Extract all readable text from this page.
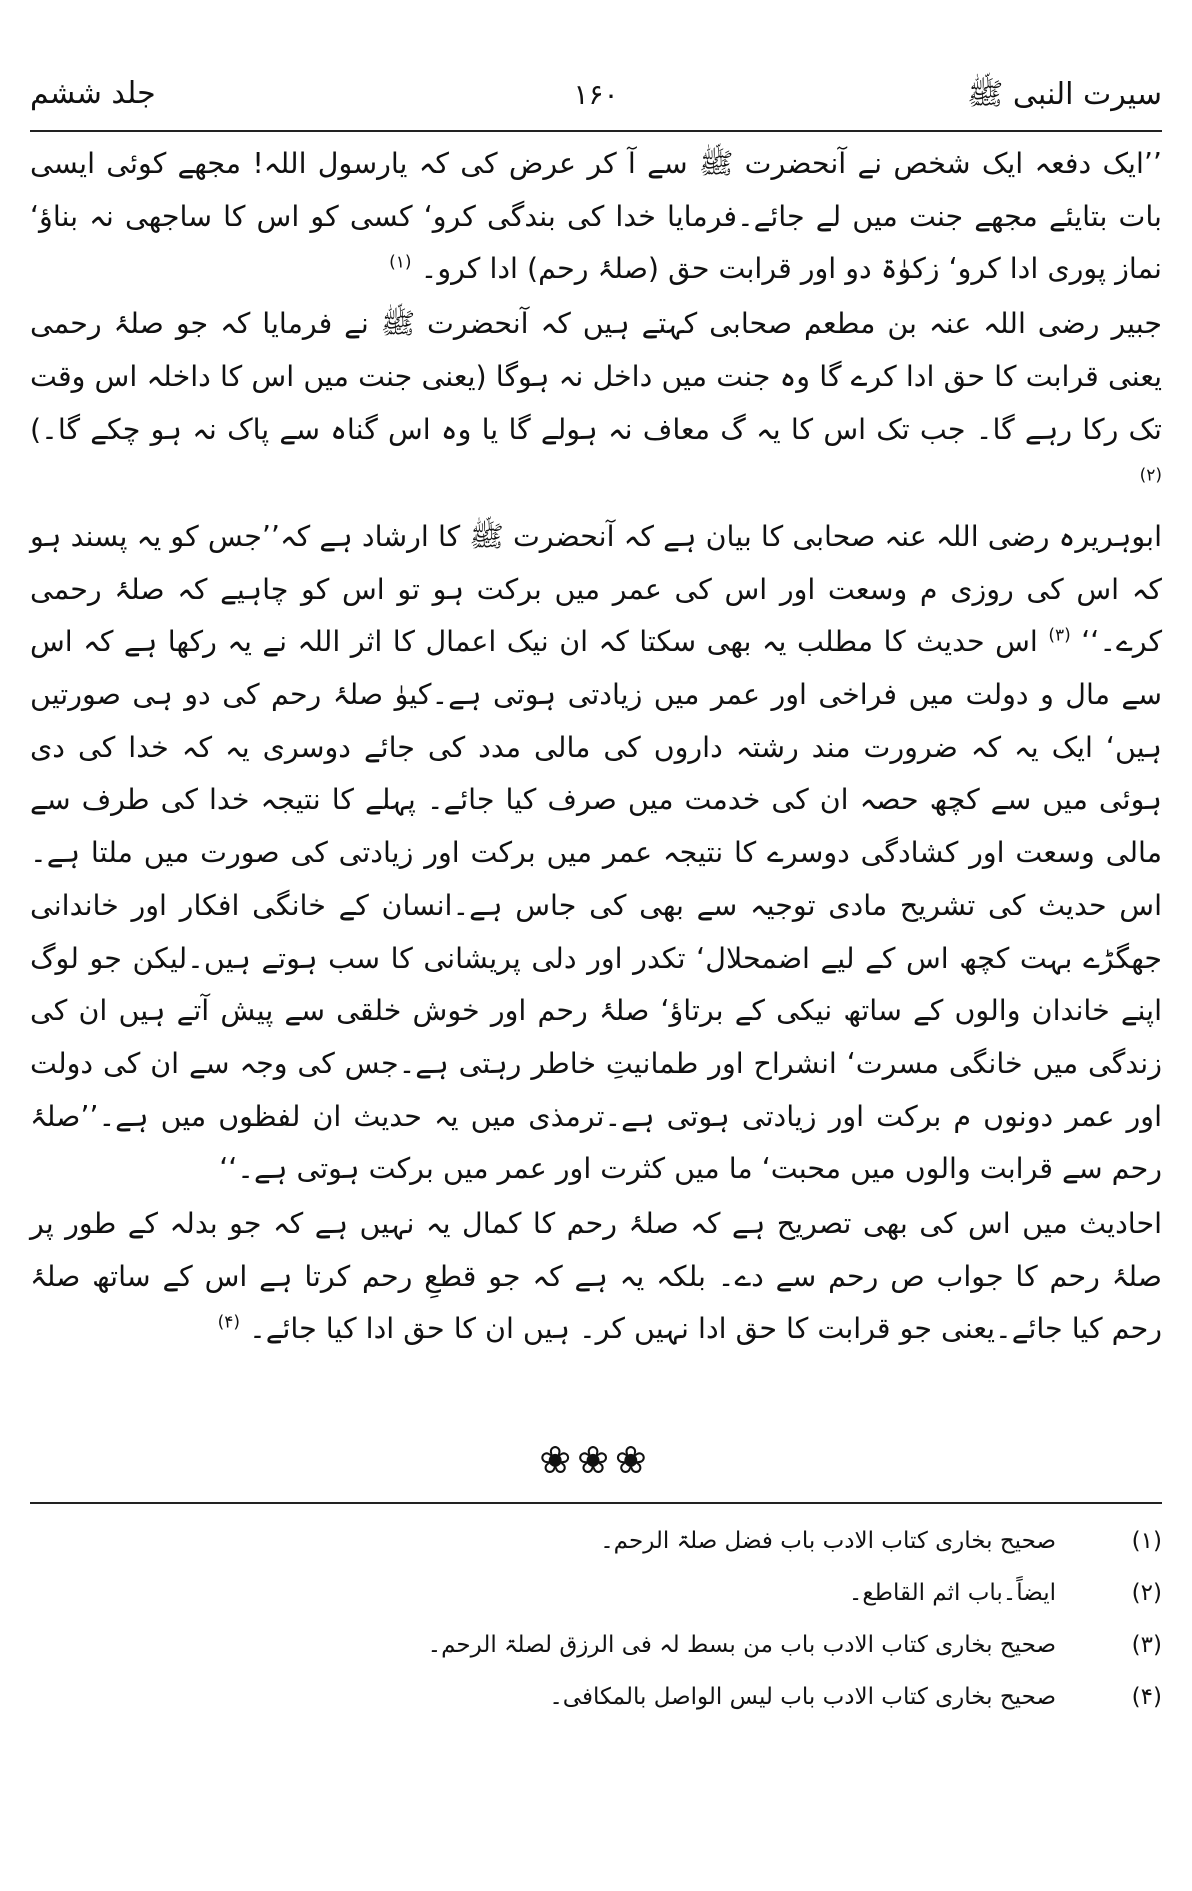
سیرت النبی ﷺ
۱۶۰
جلد ششم

’’ایک دفعہ ایک شخص نے آنحضرت ﷺ سے آ کر عرض کی کہ یارسول اللہ! مجھے کوئی ایسی بات بتایئے مجھے جنت میں لے جائے۔فرمایا خدا کی بندگی کرو‘ کسی کو اس کا ساجھی نہ بناؤ‘ نماز پوری ادا کرو‘ زکوٰۃ دو اور قرابت حق (صلۂ رحم) ادا کرو۔ $^{(۱)}$

جبیر رضی اللہ عنہ بن مطعم صحابی کہتے ہیں کہ آنحضرت ﷺ نے فرمایا کہ جو صلۂ رحمی یعنی قرابت کا حق ادا کرے گا وہ جنت میں داخل نہ ہوگا (یعنی جنت میں اس کا داخلہ اس وقت تک رکا رہے گا۔ جب تک اس کا یہ گ معاف نہ ہولے گا یا وہ اس گناہ سے پاک نہ ہو چکے گا۔) $^{(۲)}$

ابوہریرہ رضی اللہ عنہ صحابی کا بیان ہے کہ آنحضرت ﷺ کا ارشاد ہے کہ’’جس کو یہ پسند ہو کہ اس کی روزی م وسعت اور اس کی عمر میں برکت ہو تو اس کو چاہیے کہ صلۂ رحمی کرے۔‘‘ $^{(۳)}$ اس حدیث کا مطلب یہ بھی سکتا کہ ان نیک اعمال کا اثر اللہ نے یہ رکھا ہے کہ اس سے مال و دولت میں فراخی اور عمر میں زیادتی ہوتی ہے۔کیوٰ صلۂ رحم کی دو ہی صورتیں ہیں‘ ایک یہ کہ ضرورت مند رشتہ داروں کی مالی مدد کی جائے دوسری یہ کہ خدا کی دی ہوئی میں سے کچھ حصہ ان کی خدمت میں صرف کیا جائے۔ پہلے کا نتیجہ خدا کی طرف سے مالی وسعت اور کشادگی دوسرے کا نتیجہ عمر میں برکت اور زیادتی کی صورت میں ملتا ہے۔اس حدیث کی تشریح مادی توجیہ سے بھی کی جاس ہے۔انسان کے خانگی افکار اور خاندانی جھگڑے بہت کچھ اس کے لیے اضمحلال‘ تکدر اور دلی پریشانی کا سب ہوتے ہیں۔لیکن جو لوگ اپنے خاندان والوں کے ساتھ نیکی کے برتاؤ‘ صلۂ رحم اور خوش خلقی سے پیش آتے ہیں ان کی زندگی میں خانگی مسرت‘ انشراح اور طمانیتِ خاطر رہتی ہے۔جس کی وجہ سے ان کی دولت اور عمر دونوں م برکت اور زیادتی ہوتی ہے۔ترمذی میں یہ حدیث ان لفظوں میں ہے۔’’صلۂ رحم سے قرابت والوں میں محبت‘ ما میں کثرت اور عمر میں برکت ہوتی ہے۔‘‘

احادیث میں اس کی بھی تصریح ہے کہ صلۂ رحم کا کمال یہ نہیں ہے کہ جو بدلہ کے طور پر صلۂ رحم کا جواب ص رحم سے دے۔ بلکہ یہ ہے کہ جو قطعِ رحم کرتا ہے اس کے ساتھ صلۂ رحم کیا جائے۔یعنی جو قرابت کا حق ادا نہیں کر۔ ہیں ان کا حق ادا کیا جائے۔ $^{(۴)}$

❀❀❀
(۱)صحیح بخاری کتاب الادب باب فضل صلۃ الرحم۔
(۲)ایضاً۔باب اثم القاطع۔
(۳)صحیح بخاری کتاب الادب باب من بسط لہ فی الرزق لصلۃ الرحم۔
(۴)صحیح بخاری کتاب الادب باب لیس الواصل بالمکافی۔
